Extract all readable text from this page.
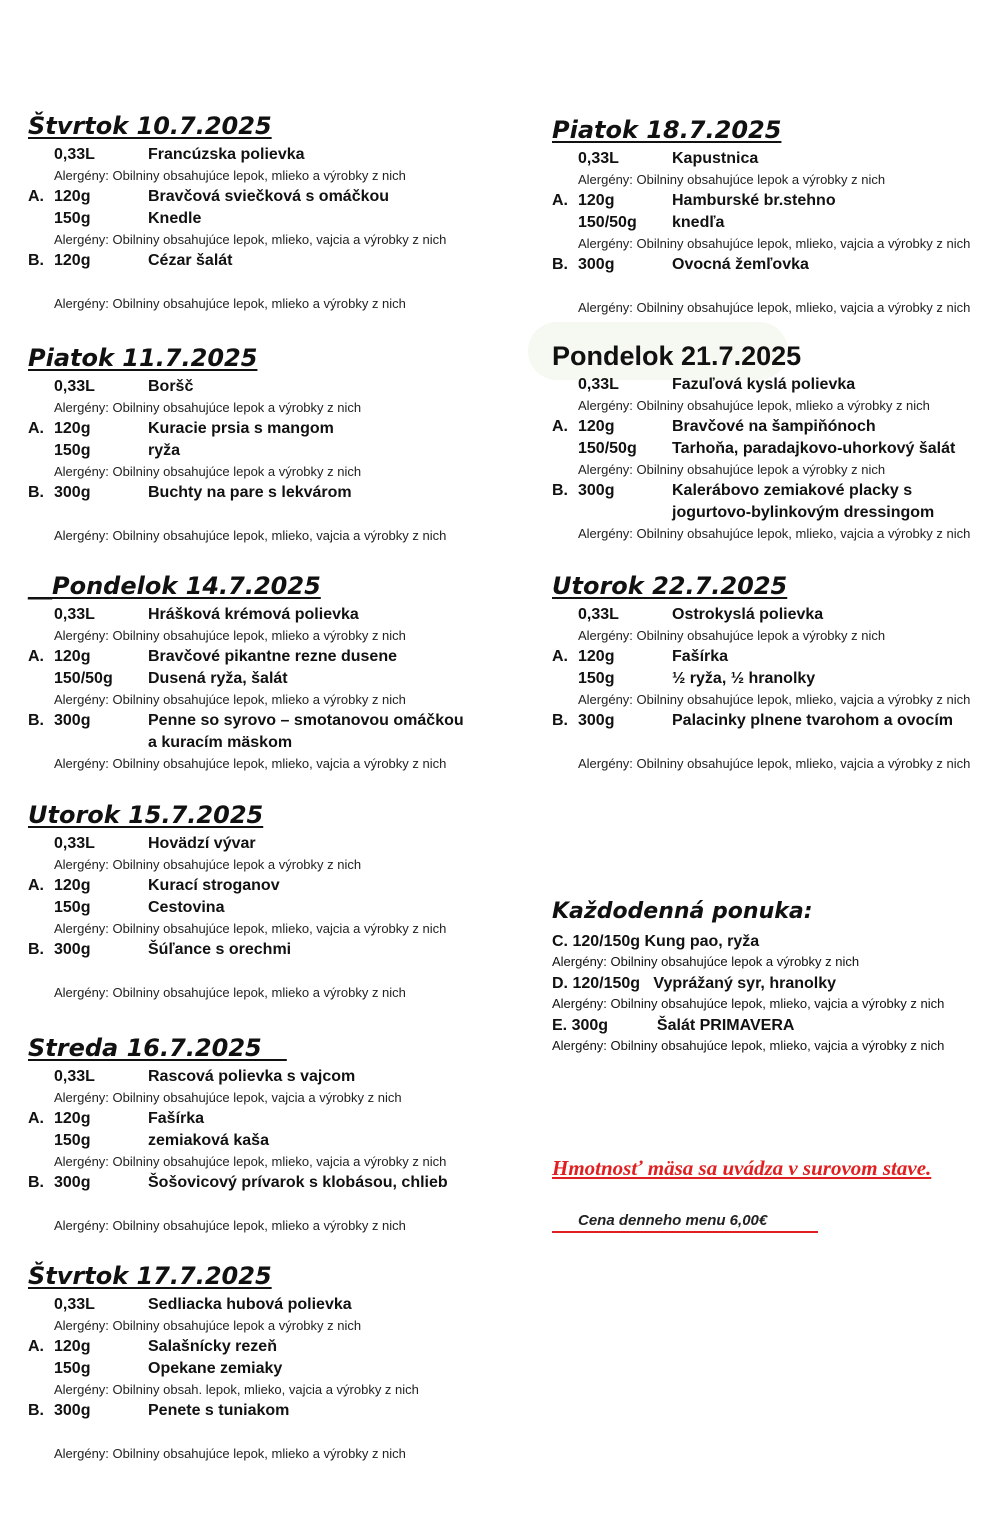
Štvrtok 10.7.2025
0,33L	Francúzska polievka
Alergény: Obilniny obsahujúce lepok, mlieko a výrobky z nich
A. 120g	Bravčová sviečková s omáčkou
150g	Knedle
Alergény: Obilniny obsahujúce lepok, mlieko, vajcia a výrobky z nich
B. 120g	Cézar šalát
Alergény: Obilniny obsahujúce lepok, mlieko a výrobky z nich
Piatok 11.7.2025
0,33L	Boršč
Alergény: Obilniny obsahujúce lepok a výrobky z nich
A. 120g	Kuracie prsia s mangom
150g	ryža
Alergény: Obilniny obsahujúce lepok a výrobky z nich
B. 300g	Buchty na pare s lekvárom
Alergény: Obilniny obsahujúce lepok, mlieko, vajcia a výrobky z nich
__Pondelok 14.7.2025
0,33L	Hrášková krémová polievka
Alergény: Obilniny obsahujúce lepok, mlieko a výrobky z nich
A. 120g	Bravčové pikantne rezne dusene
150/50g Dusená ryža, šalát
Alergény: Obilniny obsahujúce lepok, mlieko a výrobky z nich
B. 300g	Penne so syrovo – smotanovou omáčkou
a kuracím mäskom
Alergény: Obilniny obsahujúce lepok, mlieko, vajcia a výrobky z nich
Utorok 15.7.2025
0,33L	Hovädzí vývar
Alergény: Obilniny obsahujúce lepok a výrobky z nich
A. 120g	Kurací stroganov
150g	Cestovina
Alergény: Obilniny obsahujúce lepok, mlieko, vajcia a výrobky z nich
B. 300g	Šúľance s orechmi
Alergény: Obilniny obsahujúce lepok, mlieko a výrobky z nich
Streda 16.7.2025
0,33L	Rascová polievka s vajcom
Alergény: Obilniny obsahujúce lepok, vajcia a výrobky z nich
A. 120g	Fašírka
150g	zemiaková kaša
Alergény: Obilniny obsahujúce lepok, mlieko, vajcia a výrobky z nich
B. 300g	Šošovicový prívarok s klobásou, chlieb
Alergény: Obilniny obsahujúce lepok, mlieko a výrobky z nich
Štvrtok 17.7.2025
0,33L	Sedliacka hubová polievka
Alergény: Obilniny obsahujúce lepok a výrobky z nich
A. 120g	Salašnícky rezeň
150g	Opekane zemiaky
Alergény: Obilniny obsah. lepok, mlieko, vajcia a výrobky z nich
B. 300g	Penete s tuniakom
Alergény: Obilniny obsahujúce lepok, mlieko a výrobky z nich
Piatok 18.7.2025
0,33L	Kapustnica
Alergény: Obilniny obsahujúce lepok a výrobky z nich
A. 120g	Hamburské br.stehno
150/50g knedľa
Alergény: Obilniny obsahujúce lepok, mlieko, vajcia a výrobky z nich
B. 300g	Ovocná žemľovka
Alergény: Obilniny obsahujúce lepok, mlieko, vajcia a výrobky z nich
Pondelok 21.7.2025
0,33L	Fazuľová kyslá polievka
Alergény: Obilniny obsahujúce lepok, mlieko a výrobky z nich
A. 120g	Bravčové na šampiňónoch
150/50g Tarhoňa, paradajkovo-uhorkový šalát
Alergény: Obilniny obsahujúce lepok a výrobky z nich
B. 300g	Kalerábovo zemiakové placky s
jogurtovo-bylinkovým dressingom
Alergény: Obilniny obsahujúce lepok, mlieko, vajcia a výrobky z nich
Utorok 22.7.2025
0,33L	Ostrokyslá polievka
Alergény: Obilniny obsahujúce lepok a výrobky z nich
A. 120g	Fašírka
150g	½ ryža, ½ hranolky
Alergény: Obilniny obsahujúce lepok, mlieko, vajcia a výrobky z nich
B. 300g	Palacinky plnene tvarohom a ovocím
Alergény: Obilniny obsahujúce lepok, mlieko, vajcia a výrobky z nich
Každodenná ponuka:
C. 120/150g Kung pao, ryža
Alergény: Obilniny obsahujúce lepok a výrobky z nich
D. 120/150g   Vyprážaný syr, hranolky
Alergény: Obilniny obsahujúce lepok, mlieko, vajcia a výrobky z nich
E. 300g           Šalát PRIMAVERA
Alergény: Obilniny obsahujúce lepok, mlieko, vajcia a výrobky z nich
Hmotnosť mäsa sa uvádza v surovom stave.
Cena denneho menu 6,00€
